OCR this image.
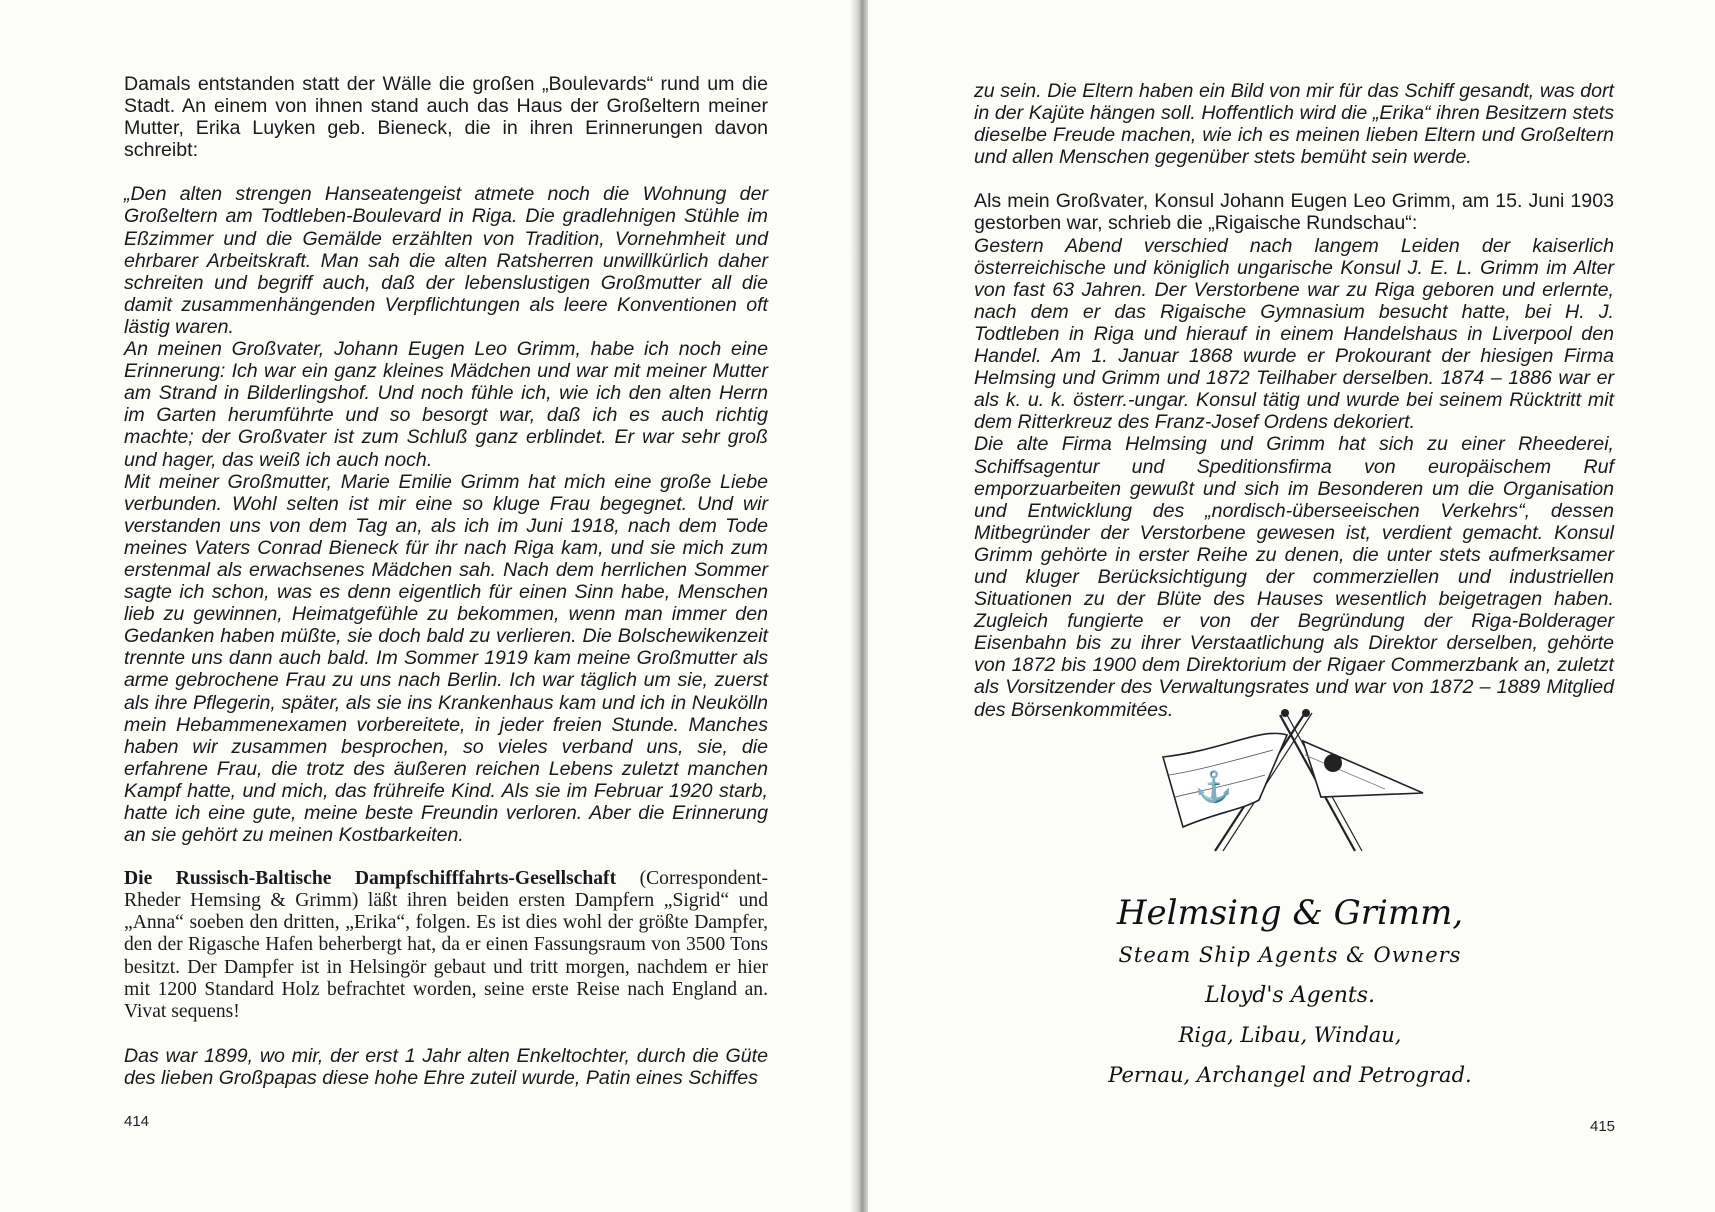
Damals entstanden statt der Wälle die großen „Boulevards“ rund um die Stadt. An einem von ihnen stand auch das Haus der Großeltern meiner Mutter, Erika Luyken geb. Bieneck, die in ihren Erinnerungen davon schreibt:

„Den alten strengen Hanseatengeist atmete noch die Wohnung der Großeltern am Todtleben-Boulevard in Riga. Die gradlehnigen Stühle im Eßzimmer und die Gemälde erzählten von Tradition, Vornehmheit und ehrbarer Arbeitskraft. Man sah die alten Ratsherren unwillkürlich daher schreiten und begriff auch, daß der lebenslustigen Großmutter all die damit zusammenhängenden Verpflichtungen als leere Konventionen oft lästig waren.

An meinen Großvater, Johann Eugen Leo Grimm, habe ich noch eine Erinnerung: Ich war ein ganz kleines Mädchen und war mit meiner Mutter am Strand in Bilderlingshof. Und noch fühle ich, wie ich den alten Herrn im Garten herumführte und so besorgt war, daß ich es auch richtig machte; der Großvater ist zum Schluß ganz erblindet. Er war sehr groß und hager, das weiß ich auch noch.

Mit meiner Großmutter, Marie Emilie Grimm hat mich eine große Liebe verbunden. Wohl selten ist mir eine so kluge Frau begegnet. Und wir verstanden uns von dem Tag an, als ich im Juni 1918, nach dem Tode meines Vaters Conrad Bieneck für ihr nach Riga kam, und sie mich zum erstenmal als erwachsenes Mädchen sah. Nach dem herrlichen Sommer sagte ich schon, was es denn eigentlich für einen Sinn habe, Menschen lieb zu gewinnen, Heimatgefühle zu bekommen, wenn man immer den Gedanken haben müßte, sie doch bald zu verlieren. Die Bolschewikenzeit trennte uns dann auch bald. Im Sommer 1919 kam meine Großmutter als arme gebrochene Frau zu uns nach Berlin. Ich war täglich um sie, zuerst als ihre Pflegerin, später, als sie ins Krankenhaus kam und ich in Neukölln mein Hebammenexamen vorbereitete, in jeder freien Stunde. Manches haben wir zusammen besprochen, so vieles verband uns, sie, die erfahrene Frau, die trotz des äußeren reichen Lebens zuletzt manchen Kampf hatte, und mich, das frühreife Kind. Als sie im Februar 1920 starb, hatte ich eine gute, meine beste Freundin verloren. Aber die Erinnerung an sie gehört zu meinen Kostbarkeiten.

Die Russisch-Baltische Dampfschifffahrts-Gesellschaft (Correspondent-Rheder Hemsing & Grimm) läßt ihren beiden ersten Dampfern „Sigrid“ und „Anna“ soeben den dritten, „Erika“, folgen. Es ist dies wohl der größte Dampfer, den der Rigasche Hafen beherbergt hat, da er einen Fassungsraum von 3500 Tons besitzt. Der Dampfer ist in Helsingör gebaut und tritt morgen, nachdem er hier mit 1200 Standard Holz befrachtet worden, seine erste Reise nach England an. Vivat sequens!

Das war 1899, wo mir, der erst 1 Jahr alten Enkeltochter, durch die Güte des lieben Großpapas diese hohe Ehre zuteil wurde, Patin eines Schiffes

414

zu sein. Die Eltern haben ein Bild von mir für das Schiff gesandt, was dort in der Kajüte hängen soll. Hoffentlich wird die „Erika“ ihren Besitzern stets dieselbe Freude machen, wie ich es meinen lieben Eltern und Großeltern und allen Menschen gegenüber stets bemüht sein werde.

Als mein Großvater, Konsul Johann Eugen Leo Grimm, am 15. Juni 1903 gestorben war, schrieb die „Rigaische Rundschau“:

Gestern Abend verschied nach langem Leiden der kaiserlich österreichische und königlich ungarische Konsul J. E. L. Grimm im Alter von fast 63 Jahren. Der Verstorbene war zu Riga geboren und erlernte, nach dem er das Rigaische Gymnasium besucht hatte, bei H. J. Todtleben in Riga und hierauf in einem Handelshaus in Liverpool den Handel. Am 1. Januar 1868 wurde er Prokourant der hiesigen Firma Helmsing und Grimm und 1872 Teilhaber derselben. 1874 – 1886 war er als k. u. k. österr.-ungar. Konsul tätig und wurde bei seinem Rücktritt mit dem Ritterkreuz des Franz-Josef Ordens dekoriert.

Die alte Firma Helmsing und Grimm hat sich zu einer Rheederei, Schiffsagentur und Speditionsfirma von europäischem Ruf emporzuarbeiten gewußt und sich im Besonderen um die Organisation und Entwicklung des „nordisch-überseeischen Verkehrs“, dessen Mitbegründer der Verstorbene gewesen ist, verdient gemacht. Konsul Grimm gehörte in erster Reihe zu denen, die unter stets aufmerksamer und kluger Berücksichtigung der commerziellen und industriellen Situationen zu der Blüte des Hauses wesentlich beigetragen haben. Zugleich fungierte er von der Begründung der Riga-Bolderager Eisenbahn bis zu ihrer Verstaatlichung als Direktor derselben, gehörte von 1872 bis 1900 dem Direktorium der Rigaer Commerzbank an, zuletzt als Vorsitzender des Verwaltungsrates und war von 1872 – 1889 Mitglied des Börsenkommitées.

415
⚓
Helmsing & Grimm,
Steam Ship Agents & Owners
Lloyd's Agents.
Riga, Libau, Windau,
Pernau, Archangel and Petrograd.
